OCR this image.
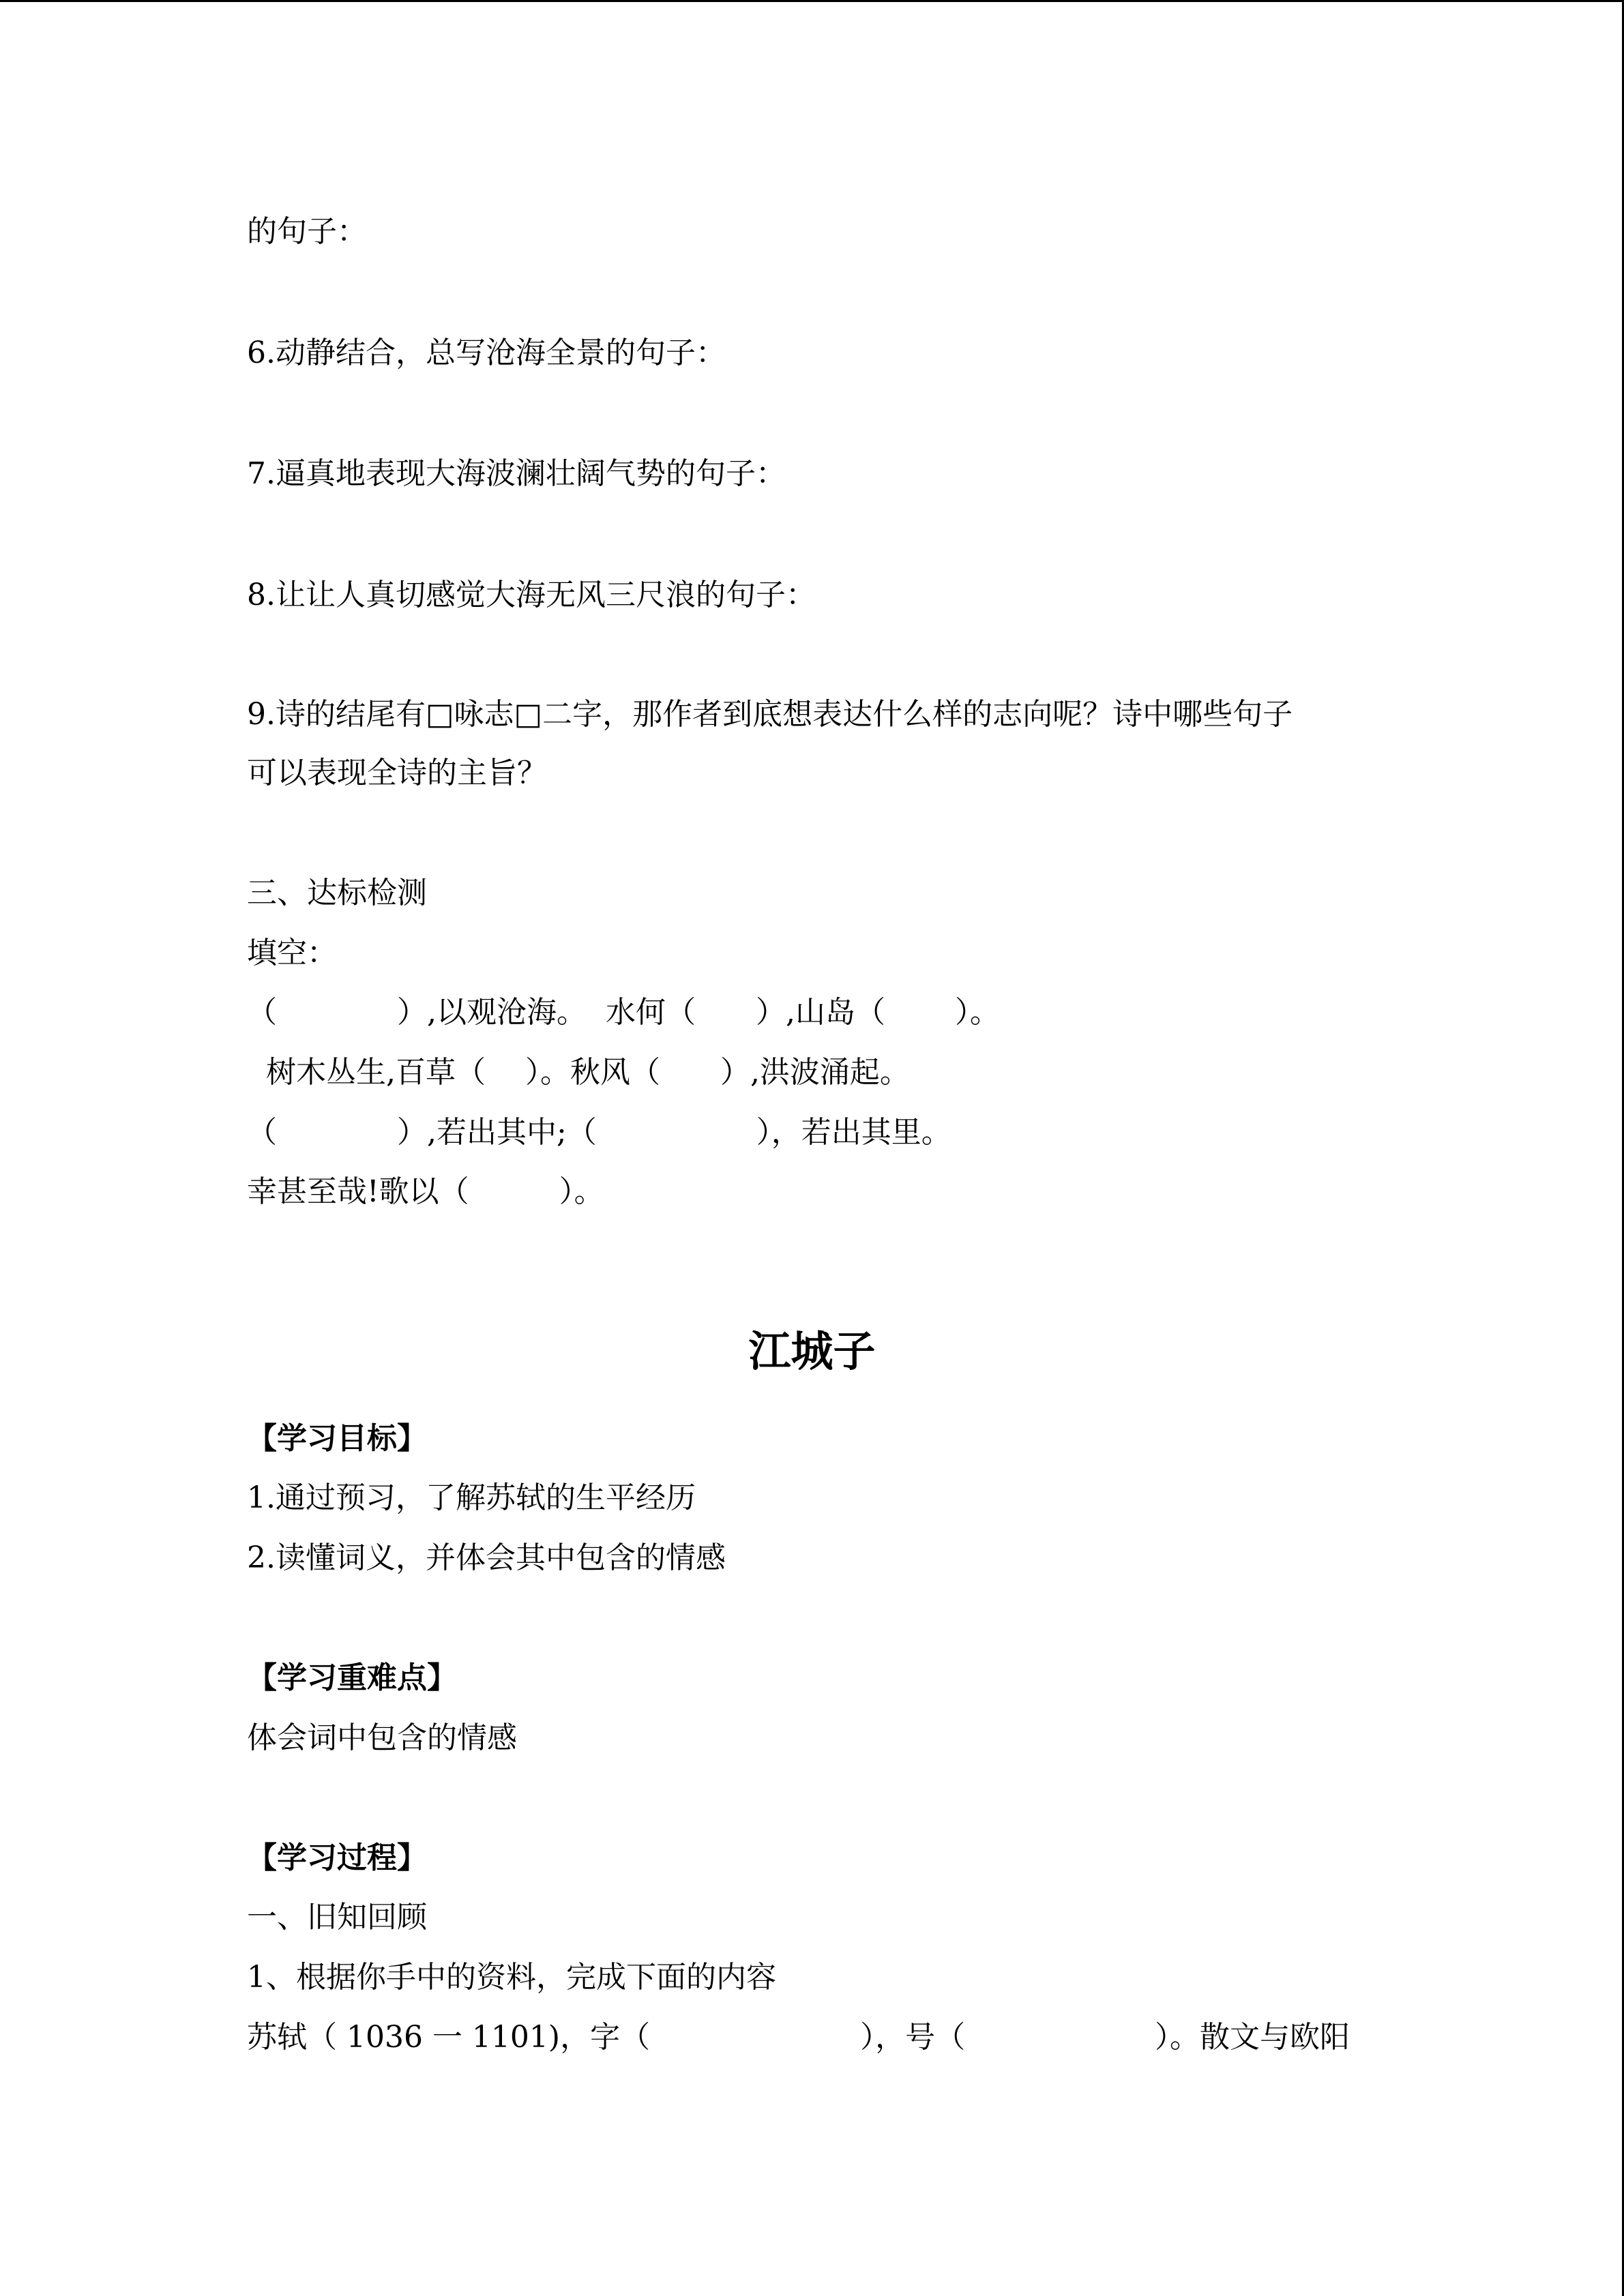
的句子：
6.动静结合，总写沧海全景的句子：
7.逼真地表现大海波澜壮阔气势的句子：
8.让让人真切感觉大海无风三尺浪的句子：
9.诗的结尾有□咏志□二字，那作者到底想表达什么样的志向呢？诗中哪些句子
可以表现全诗的主旨？
三、达标检测
填空：
（　　　　）,以观沧海。  水何（　　）,山岛（　　 ）。
树木丛生,百草（　 ）。秋风（　　）,洪波涌起。
（　　　　）,若出其中;（　　　　　 ），若出其里。
幸甚至哉!歌以（　　　）。
江城子
【学习目标】
1.通过预习，了解苏轼的生平经历
2.读懂词义，并体会其中包含的情感
【学习重难点】
体会词中包含的情感
【学习过程】
一、旧知回顾
1、根据你手中的资料，完成下面的内容
苏轼（ 1036 一 1101)，字（　　　　　　　），号（　　　　　　 ）。散文与欧阳
